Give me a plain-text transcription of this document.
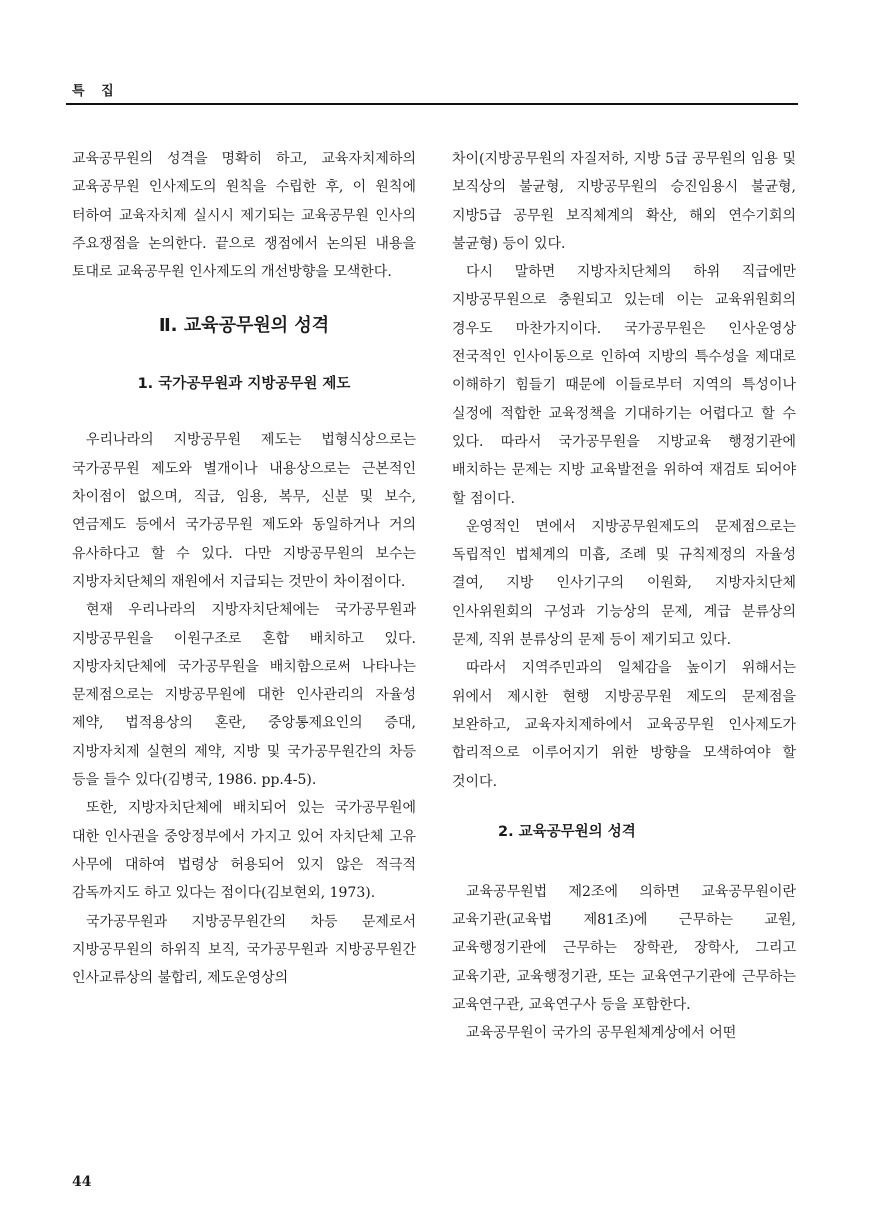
특 집

교육공무원의 성격을 명확히 하고, 교육자치제하의 교육공무원 인사제도의 원칙을 수립한 후, 이 원칙에 터하여 교육자치제 실시시 제기되는 교육공무원 인사의 주요쟁점을 논의한다. 끝으로 쟁점에서 논의된 내용을 토대로 교육공무원 인사제도의 개선방향을 모색한다.

Ⅱ. 교육공무원의 성격
1. 국가공무원과 지방공무원 제도

우리나라의 지방공무원 제도는 법형식상으로는 국가공무원 제도와 별개이나 내용상으로는 근본적인 차이점이 없으며, 직급, 임용, 복무, 신분 및 보수, 연금제도 등에서 국가공무원 제도와 동일하거나 거의 유사하다고 할 수 있다. 다만 지방공무원의 보수는 지방자치단체의 재원에서 지급되는 것만이 차이점이다.

현재 우리나라의 지방자치단체에는 국가공무원과 지방공무원을 이원구조로 혼합 배치하고 있다. 지방자치단체에 국가공무원을 배치함으로써 나타나는 문제점으로는 지방공무원에 대한 인사관리의 자율성 제약, 법적용상의 혼란, 중앙통제요인의 증대, 지방자치제 실현의 제약, 지방 및 국가공무원간의 차등 등을 들수 있다(김병국, 1986. pp.4-5).

또한, 지방자치단체에 배치되어 있는 국가공무원에 대한 인사권을 중앙정부에서 가지고 있어 자치단체 고유 사무에 대하여 법령상 허용되어 있지 않은 적극적 감독까지도 하고 있다는 점이다(김보현외, 1973).

국가공무원과 지방공무원간의 차등 문제로서 지방공무원의 하위직 보직, 국가공무원과 지방공무원간 인사교류상의 불합리, 제도운영상의

차이(지방공무원의 자질저하, 지방 5급 공무원의 임용 및 보직상의 불균형, 지방공무원의 승진임용시 불균형, 지방5급 공무원 보직체계의 확산, 해외 연수기회의 불균형) 등이 있다.

다시 말하면 지방자치단체의 하위 직급에만 지방공무원으로 충원되고 있는데 이는 교육위원회의 경우도 마찬가지이다. 국가공무원은 인사운영상 전국적인 인사이동으로 인하여 지방의 특수성을 제대로 이해하기 힘들기 때문에 이들로부터 지역의 특성이나 실정에 적합한 교육정책을 기대하기는 어렵다고 할 수 있다. 따라서 국가공무원을 지방교육 행정기관에 배치하는 문제는 지방 교육발전을 위하여 재검토 되어야 할 점이다.

운영적인 면에서 지방공무원제도의 문제점으로는 독립적인 법체계의 미흡, 조례 및 규칙제정의 자율성 결여, 지방 인사기구의 이원화, 지방자치단체 인사위원회의 구성과 기능상의 문제, 계급 분류상의 문제, 직위 분류상의 문제 등이 제기되고 있다.

따라서 지역주민과의 일체감을 높이기 위해서는 위에서 제시한 현행 지방공무원 제도의 문제점을 보완하고, 교육자치제하에서 교육공무원 인사제도가 합리적으로 이루어지기 위한 방향을 모색하여야 할 것이다.

2. 교육공무원의 성격

교육공무원법 제2조에 의하면 교육공무원이란 교육기관(교육법 제81조)에 근무하는 교원, 교육행정기관에 근무하는 장학관, 장학사, 그리고 교육기관, 교육행정기관, 또는 교육연구기관에 근무하는 교육연구관, 교육연구사 등을 포함한다.

교육공무원이 국가의 공무원체계상에서 어떤

44
